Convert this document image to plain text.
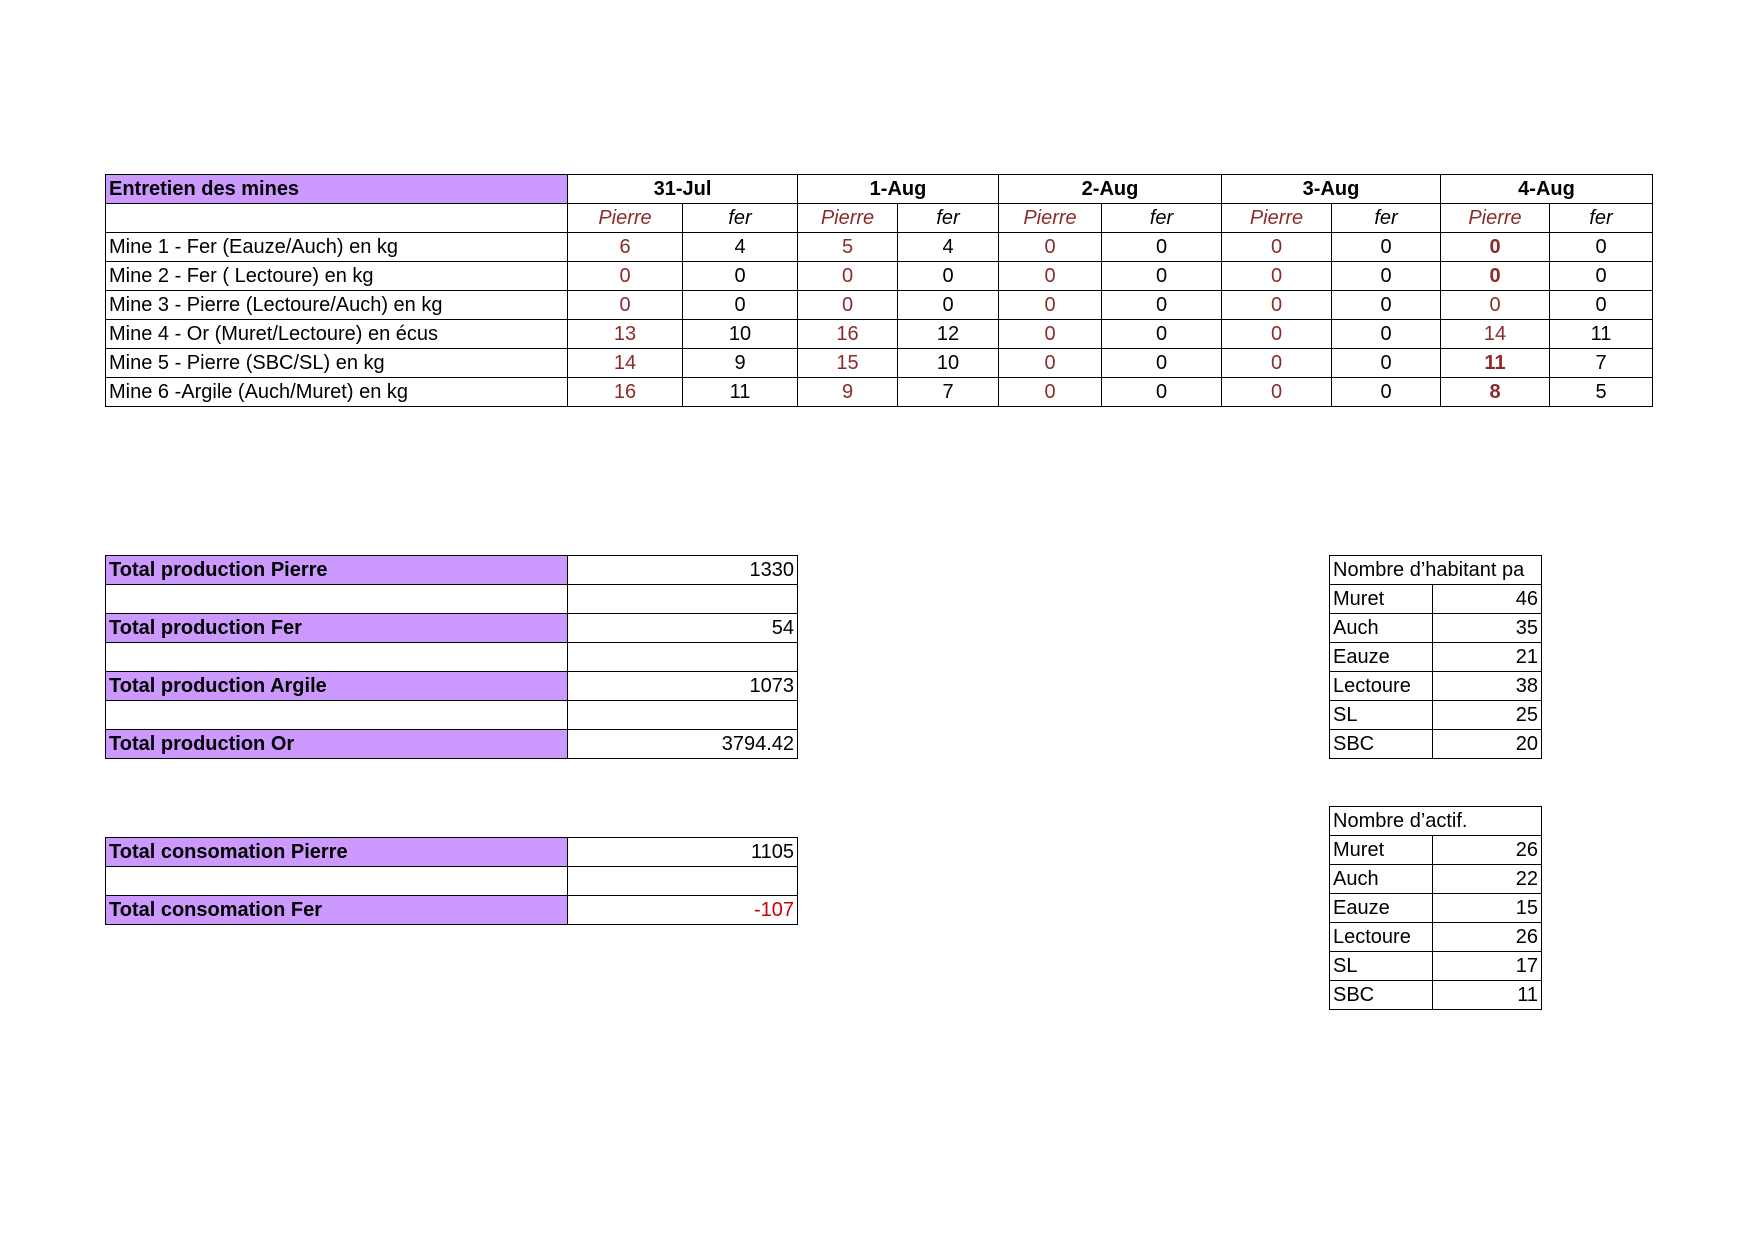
Entretien des mines	31-Jul		1-Aug		2-Aug		3-Aug		4-Aug	
	Pierre	fer	Pierre	fer	Pierre	fer	Pierre	fer	Pierre	fer
Mine 1 - Fer (Eauze/Auch) en kg	6	4	5	4	0	0	0	0	0	0
Mine 2 - Fer ( Lectoure) en kg	0	0	0	0	0	0	0	0	0	0
Mine 3 - Pierre (Lectoure/Auch) en kg	0	0	0	0	0	0	0	0	0	0
Mine 4 - Or (Muret/Lectoure) en écus	13	10	16	12	0	0	0	0	14	11
Mine 5 - Pierre (SBC/SL) en kg	14	9	15	10	0	0	0	0	11	7
Mine 6 -Argile (Auch/Muret) en kg	16	11	9	7	0	0	0	0	8	5
Total production Pierre	1330

Total production Fer	54

Total production Argile	1073

Total production Or	3794.42
Total consomation Pierre	1105

Total consomation Fer	-107
Nombre d’habitant pa	
Muret	46
Auch	35
Eauze	21
Lectoure	38
SL	25
SBC	20
Nombre d’actif.	
Muret	26
Auch	22
Eauze	15
Lectoure	26
SL	17
SBC	11
